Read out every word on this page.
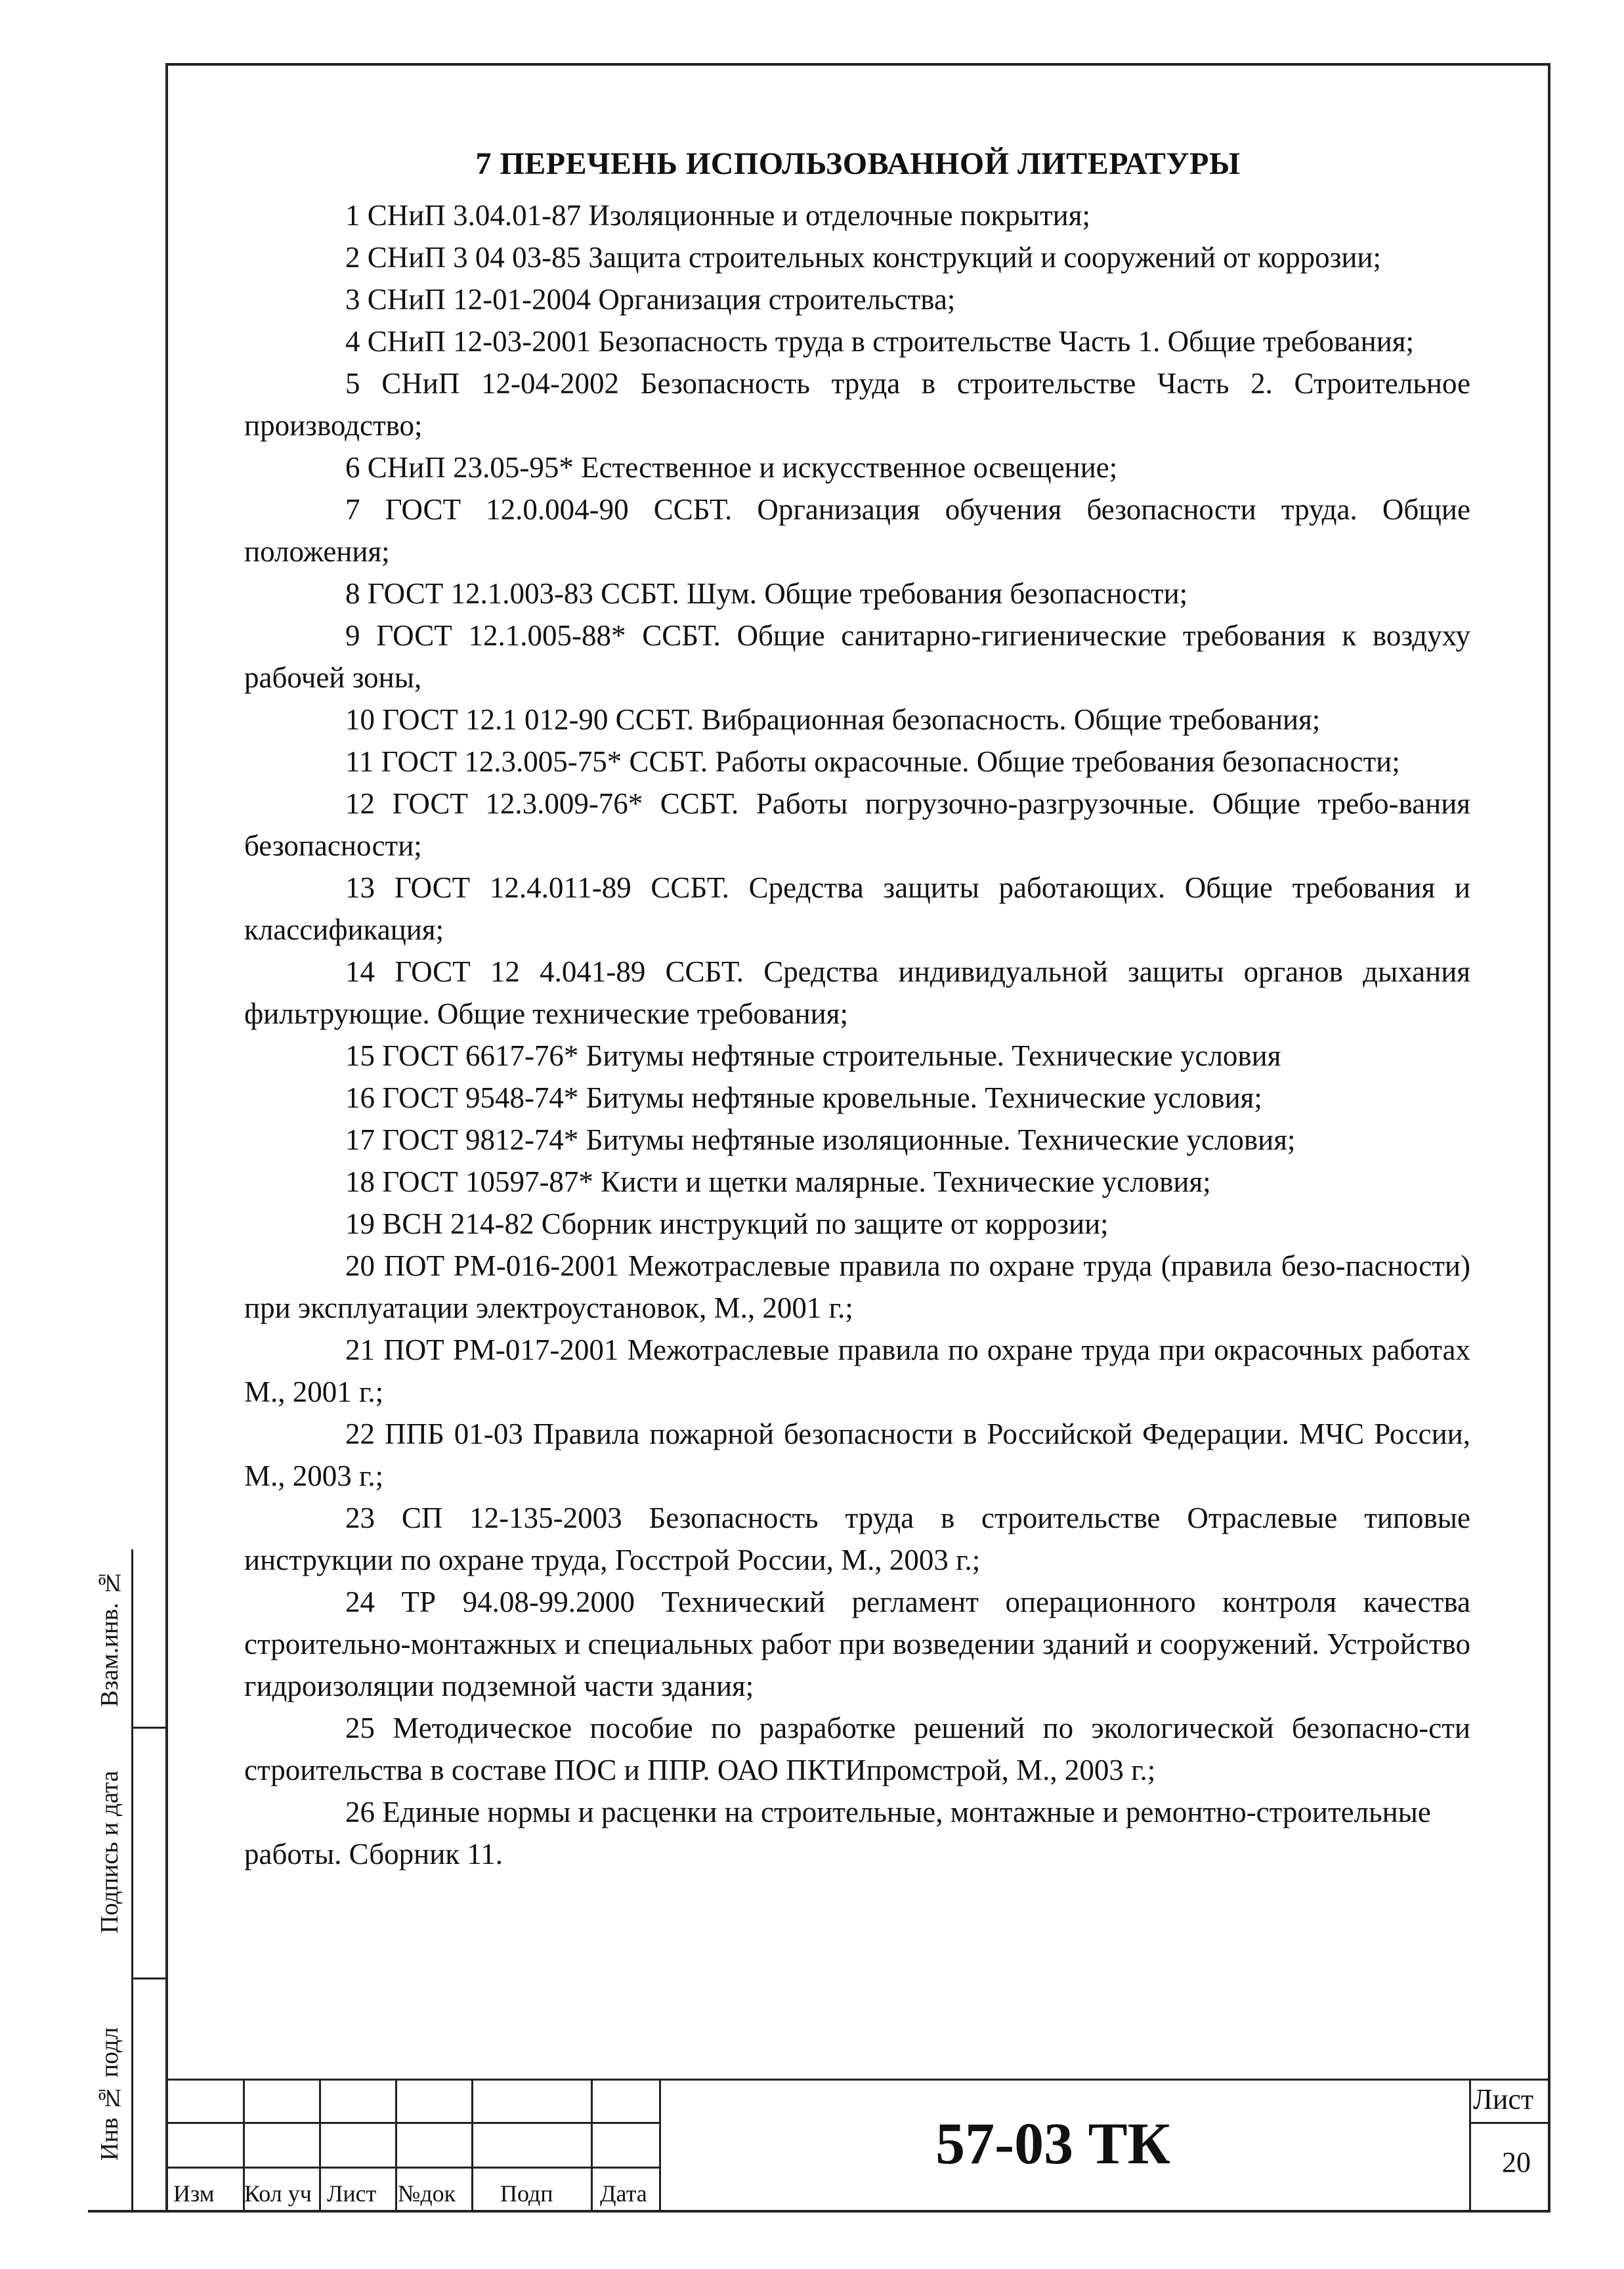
7 ПЕРЕЧЕНЬ ИСПОЛЬЗОВАННОЙ ЛИТЕРАТУРЫ

1 СНиП 3.04.01-87 Изоляционные и отделочные покрытия;

2 СНиП 3 04 03-85 Защита строительных конструкций и сооружений от коррозии;

3 СНиП 12-01-2004 Организация строительства;

4 СНиП 12-03-2001 Безопасность труда в строительстве Часть 1. Общие требования;

5 СНиП 12-04-2002 Безопасность труда в строительстве Часть 2. Строительное производство;

6 СНиП 23.05-95* Естественное и искусственное освещение;

7 ГОСТ 12.0.004-90 ССБТ. Организация обучения безопасности труда. Общие положения;

8 ГОСТ 12.1.003-83 ССБТ. Шум. Общие требования безопасности;

9 ГОСТ 12.1.005-88* ССБТ. Общие санитарно-гигиенические требования к воздуху рабочей зоны,

10 ГОСТ 12.1 012-90 ССБТ. Вибрационная безопасность. Общие требования;

11 ГОСТ 12.3.005-75* ССБТ. Работы окрасочные. Общие требования безопасности;

12 ГОСТ 12.3.009-76* ССБТ. Работы погрузочно-разгрузочные. Общие требо-вания безопасности;

13 ГОСТ 12.4.011-89 ССБТ. Средства защиты работающих. Общие требования и классификация;

14 ГОСТ 12 4.041-89 ССБТ. Средства индивидуальной защиты органов дыхания фильтрующие. Общие технические требования;

15 ГОСТ 6617-76* Битумы нефтяные строительные. Технические условия

16 ГОСТ 9548-74* Битумы нефтяные кровельные. Технические условия;

17 ГОСТ 9812-74* Битумы нефтяные изоляционные. Технические условия;

18 ГОСТ 10597-87* Кисти и щетки малярные. Технические условия;

19 ВСН 214-82 Сборник инструкций по защите от коррозии;

20 ПОТ РМ-016-2001 Межотраслевые правила по охране труда (правила безо-пасности) при эксплуатации электроустановок, М., 2001 г.;

21 ПОТ РМ-017-2001 Межотраслевые правила по охране труда при окрасочных работах М., 2001 г.;

22 ППБ 01-03 Правила пожарной безопасности в Российской Федерации. МЧС России, М., 2003 г.;

23 СП 12-135-2003 Безопасность труда в строительстве Отраслевые типовые инструкции по охране труда, Госстрой России, М., 2003 г.;

24 ТР 94.08-99.2000 Технический регламент операционного контроля качества строительно-монтажных и специальных работ при возведении зданий и сооружений. Устройство гидроизоляции подземной части здания;

25 Методическое пособие по разработке решений по экологической безопасно-сти строительства в составе ПОС и ППР. ОАО ПКТИпромстрой, М., 2003 г.;

26 Единые нормы и расценки на строительные, монтажные и ремонтно-строительные работы. Сборник 11.

Изм Кол уч Лист №док Подп Дата
57-03 ТК
Лист
20
Взам.инв. №
Подпись и дата
Инв № подл
